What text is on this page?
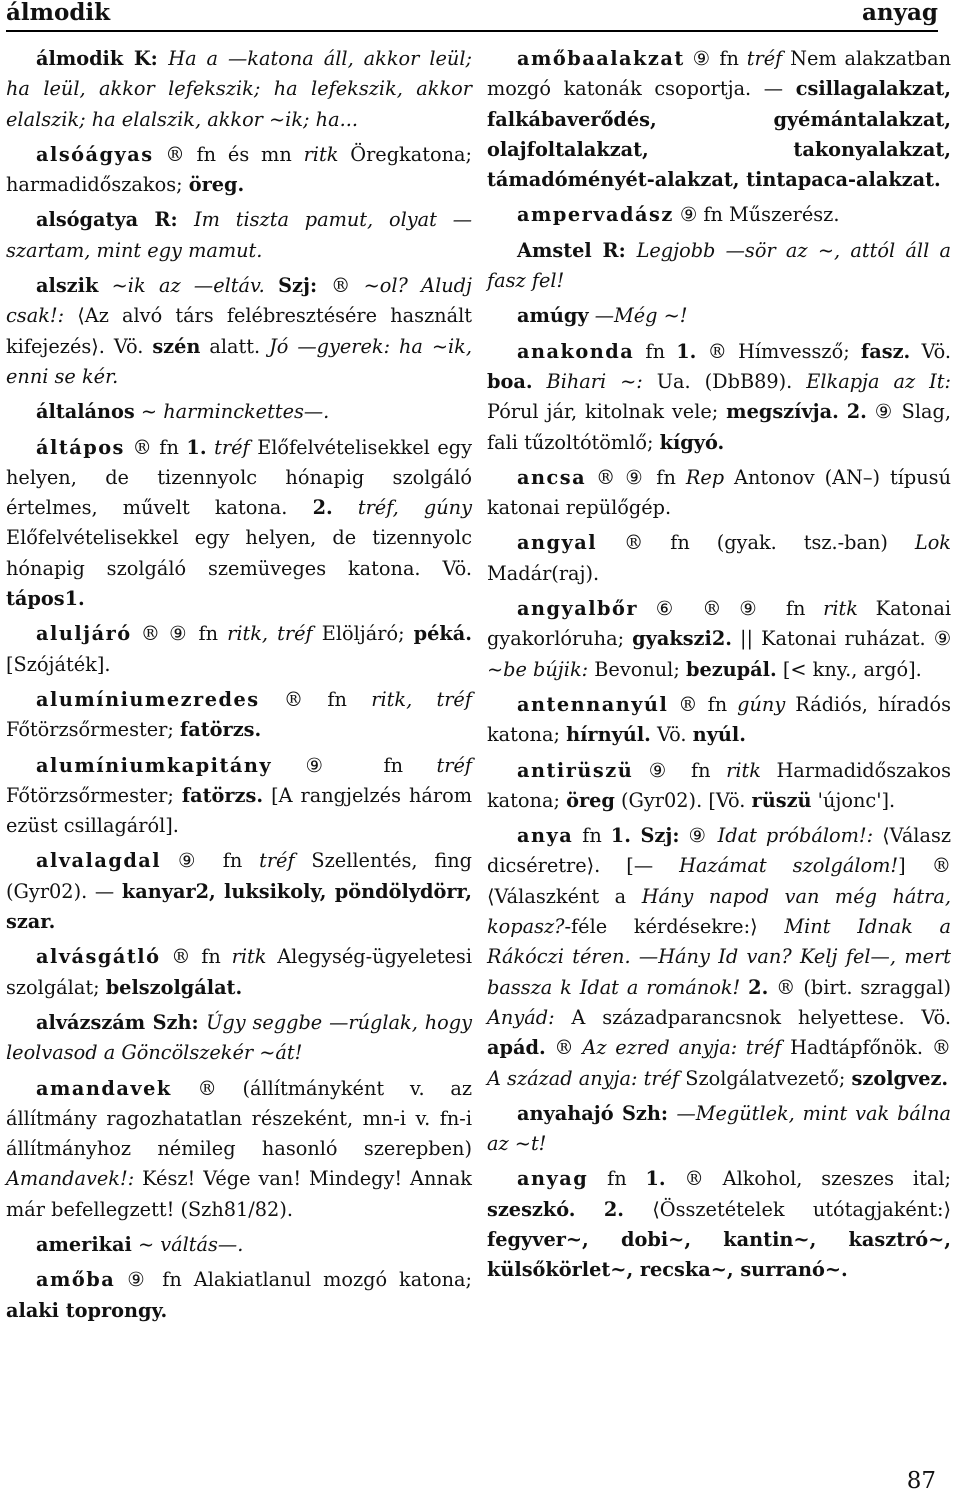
álmodik	anyag

álmodik K: Ha a —katona áll, akkor leül; ha leül, akkor lefekszik; ha lefekszik, akkor elalszik; ha elalszik, akkor ~ik; ha...

alsóágyas ® fn és mn ritk Öregkatona; harmadidőszakos; öreg.

alsógatya R: Im tiszta pamut, olyat —szartam, mint egy mamut.

alszik ~ik az —eltáv. Szj: ® ~ol? Aludj csak!: ⟨Az alvó társ felébresztésére használt kifejezés⟩. Vö. szén alatt. Jó —gyerek: ha ~ik, enni se kér.

általános ~ harminckettes—.

áltápos ® fn 1. tréf Előfelvételisekkel egy helyen, de tizennyolc hónapig szolgáló értelmes, művelt katona. 2. tréf, gúny Előfelvételisekkel egy helyen, de tizennyolc hónapig szolgáló szemüveges katona. Vö. tápos1.

aluljáró ® ⑨ fn ritk, tréf Elöljáró; péká. [Szójáték].

alumíniumezredes ® fn ritk, tréf Főtörzsőrmester; fatörzs.

alumíniumkapitány ⑨ fn tréf Főtörzsőrmester; fatörzs. [A rangjelzés három ezüst csillagáról].

alvalagdal ⑨ fn tréf Szellentés, fing (Gyr02). — kanyar2, luksikoly, pöndölydörr, szar.

alvásgátló ® fn ritk Alegység-ügyeletesi szolgálat; belszolgálat.

alvázszám Szh: Úgy seggbe —rúglak, hogy leolvasod a Göncölszekér ~át!

amandavek ® (állítmányként v. az állítmány ragozhatatlan részeként, mn-i v. fn-i állítmányhoz némileg hasonló szerepben) Amandavek!: Kész! Vége van! Mindegy! Annak már befellegzett! (Szh81/82).

amerikai ~ váltás—.

amőba ⑨ fn Alakiatlanul mozgó katona; alaki toprongy.

amőbaalakzat ⑨ fn tréf Nem alakzatban mozgó katonák csoportja. — csillagalakzat, falkábaverődés, gyémántalakzat, olajfoltalakzat, takonyalakzat, támadóményét-alakzat, tintapaca-alakzat.

ampervadász ⑨ fn Műszerész.

Amstel R: Legjobb —sör az ~, attól áll a fasz fel!

amúgy —Még ~!

anakonda fn 1. ® Hímvessző; fasz. Vö. boa. Bihari ~: Ua. (DbB89). Elkapja az It: Pórul jár, kitolnak vele; megszívja. 2. ⑨ Slag, fali tűzoltótömlő; kígyó.

ancsa ® ⑨ fn Rep Antonov (AN–) típusú katonai repülőgép.

angyal ® fn (gyak. tsz.-ban) Lok Madár(raj).

angyalbőr ⑥ ® ⑨ fn ritk Katonai gyakorlóruha; gyakszi2. || Katonai ruházat. ⑨ ~be bújik: Bevonul; bezupál. [< kny., argó].

antennanyúl ® fn gúny Rádiós, híradós katona; hírnyúl. Vö. nyúl.

antirüszü ⑨ fn ritk Harmadidőszakos katona; öreg (Gyr02). [Vö. rüszü 'újonc'].

anya fn 1. Szj: ⑨ Idat próbálom!: ⟨Válasz dicséretre⟩. [— Hazámat szolgálom!] ® ⟨Válaszként a Hány napod van még hátra, kopasz?-féle kérdésekre:⟩ Mint Idnak a Rákóczi téren. —Hány Id van? Kelj fel—, mert bassza k Idat a románok! 2. ® (birt. szraggal) Anyád: A századparancsnok helyettese. Vö. apád. ® Az ezred anyja: tréf Hadtápfőnök. ® A század anyja: tréf Szolgálatvezető; szolgvez.

anyahajó Szh: —Megütlek, mint vak bálna az ~t!

anyag fn 1. ® Alkohol, szeszes ital; szeszkó. 2. ⟨Összetételek utótagjaként:⟩ fegyver~, dobi~, kantin~, kasztró~, külsőkörlet~, recska~, surranó~.

87
